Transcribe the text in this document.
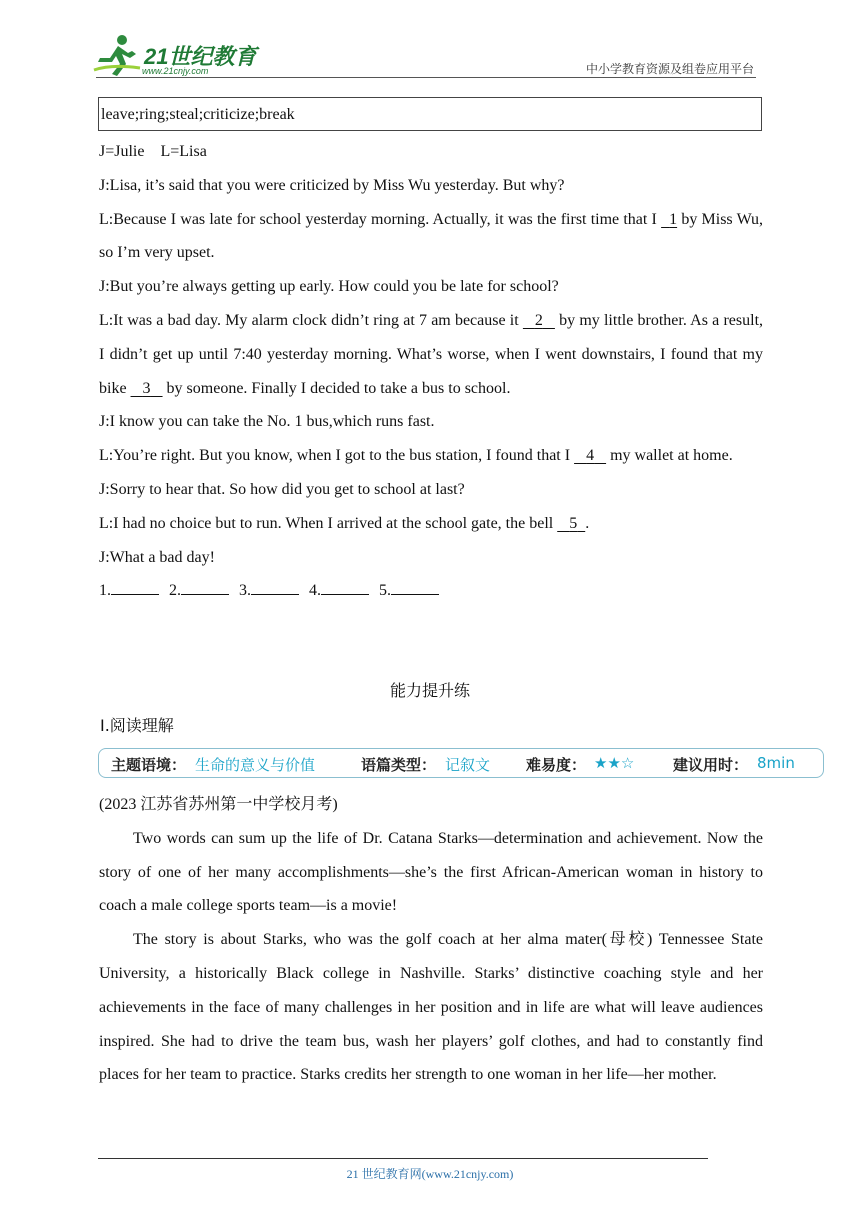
21世纪教育
www.21cnjy.com	中小学教育资源及组卷应用平台
leave;ring;steal;criticize;break

J=Julie    L=Lisa

J:Lisa, it’s said that you were criticized by Miss Wu yesterday. But why?

L:Because I was late for school yesterday morning. Actually, it was the first time that I 1 by Miss Wu, so I’m very upset.

J:But you’re always getting up early. How could you be late for school?

L:It was a bad day. My alarm clock didn’t ring at 7 am because it 2 by my little brother. As a result, I didn’t get up until 7:40 yesterday morning. What’s worse, when I went downstairs, I found that my bike 3 by someone. Finally I decided to take a bus to school.

J:I know you can take the No. 1 bus,which runs fast.

L:You’re right. But you know, when I got to the bus station, I found that I 4 my wallet at home.

J:Sorry to hear that. So how did you get to school at last?

L:I had no choice but to run. When I arrived at the school gate, the bell 5 .

J:What a bad day!

1.	2.	3.	4.	5.

能力提升练
Ⅰ.阅读理解
主题语境： 生命的意义与价值	语篇类型： 记叙文 难易度： ★★☆	建议用时： 8min

(2023 江苏省苏州第一中学校月考)

Two words can sum up the life of Dr. Catana Starks—determination and achievement. Now the story of one of her many accomplishments—she’s the first African-American woman in history to coach a male college sports team—is a movie!

The story is about Starks, who was the golf coach at her alma mater(母校) Tennessee State University, a historically Black college in Nashville. Starks’ distinctive coaching style and her achievements in the face of many challenges in her position and in life are what will leave audiences inspired. She had to drive the team bus, wash her players’ golf clothes, and had to constantly find places for her team to practice. Starks credits her strength to one woman in her life—her mother.

21 世纪教育网(www.21cnjy.com)
